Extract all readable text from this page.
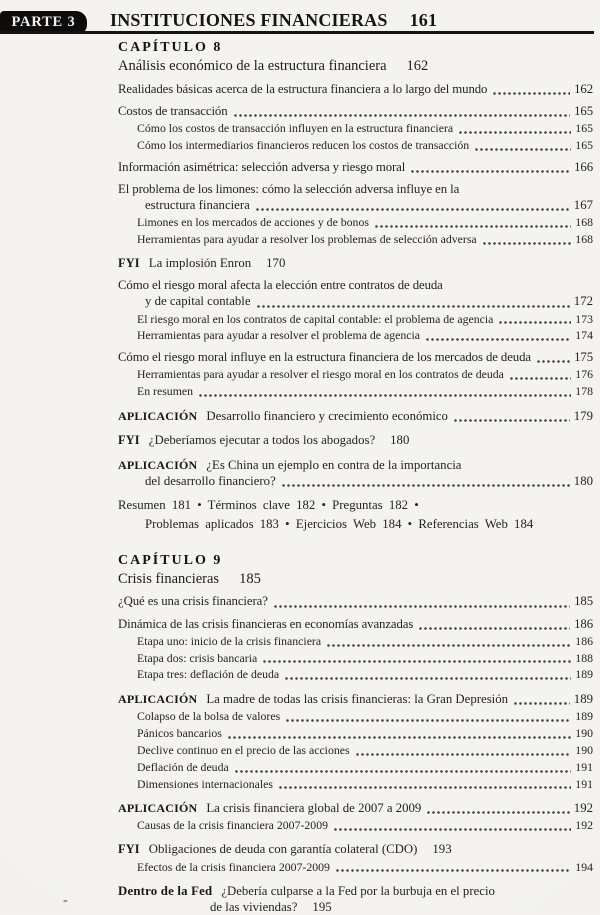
PARTE 3 INSTITUCIONES FINANCIERAS 161
CAPÍTULO 8
Análisis económico de la estructura financiera 162
Realidades básicas acerca de la estructura financiera a lo largo del mundo	162
Costos de transacción	165
Cómo los costos de transacción influyen en la estructura financiera	165
Cómo los intermediarios financieros reducen los costos de transacción	165
Información asimétrica: selección adversa y riesgo moral	166
El problema de los limones: cómo la selección adversa influye en la
estructura financiera	167
Limones en los mercados de acciones y de bonos	168
Herramientas para ayudar a resolver los problemas de selección adversa	168
FYI La implosión Enron 170
Cómo el riesgo moral afecta la elección entre contratos de deuda
y de capital contable	172
El riesgo moral en los contratos de capital contable: el problema de agencia	173
Herramientas para ayudar a resolver el problema de agencia	174
Cómo el riesgo moral influye en la estructura financiera de los mercados de deuda	175
Herramientas para ayudar a resolver el riesgo moral en los contratos de deuda	176
En resumen	178
APLICACIÓN Desarrollo financiero y crecimiento económico	179
FYI ¿Deberíamos ejecutar a todos los abogados? 180
APLICACIÓN ¿Es China un ejemplo en contra de la importancia
del desarrollo financiero?	180
Resumen 181 • Términos clave 182 • Preguntas 182 •
Problemas aplicados 183 • Ejercicios Web 184 • Referencias Web 184
CAPÍTULO 9
Crisis financieras 185
¿Qué es una crisis financiera?	185
Dinámica de las crisis financieras en economías avanzadas	186
Etapa uno: inicio de la crisis financiera	186
Etapa dos: crisis bancaria	188
Etapa tres: deflación de deuda	189
APLICACIÓN La madre de todas las crisis financieras: la Gran Depresión	189
Colapso de la bolsa de valores	189
Pánicos bancarios	190
Declive continuo en el precio de las acciones	190
Deflación de deuda	191
Dimensiones internacionales	191
APLICACIÓN La crisis financiera global de 2007 a 2009	192
Causas de la crisis financiera 2007-2009	192
FYI Obligaciones de deuda con garantía colateral (CDO) 193
Efectos de la crisis financiera 2007-2009	194
Dentro de la Fed ¿Debería culparse a la Fed por la burbuja en el precio
de las viviendas? 195
-
